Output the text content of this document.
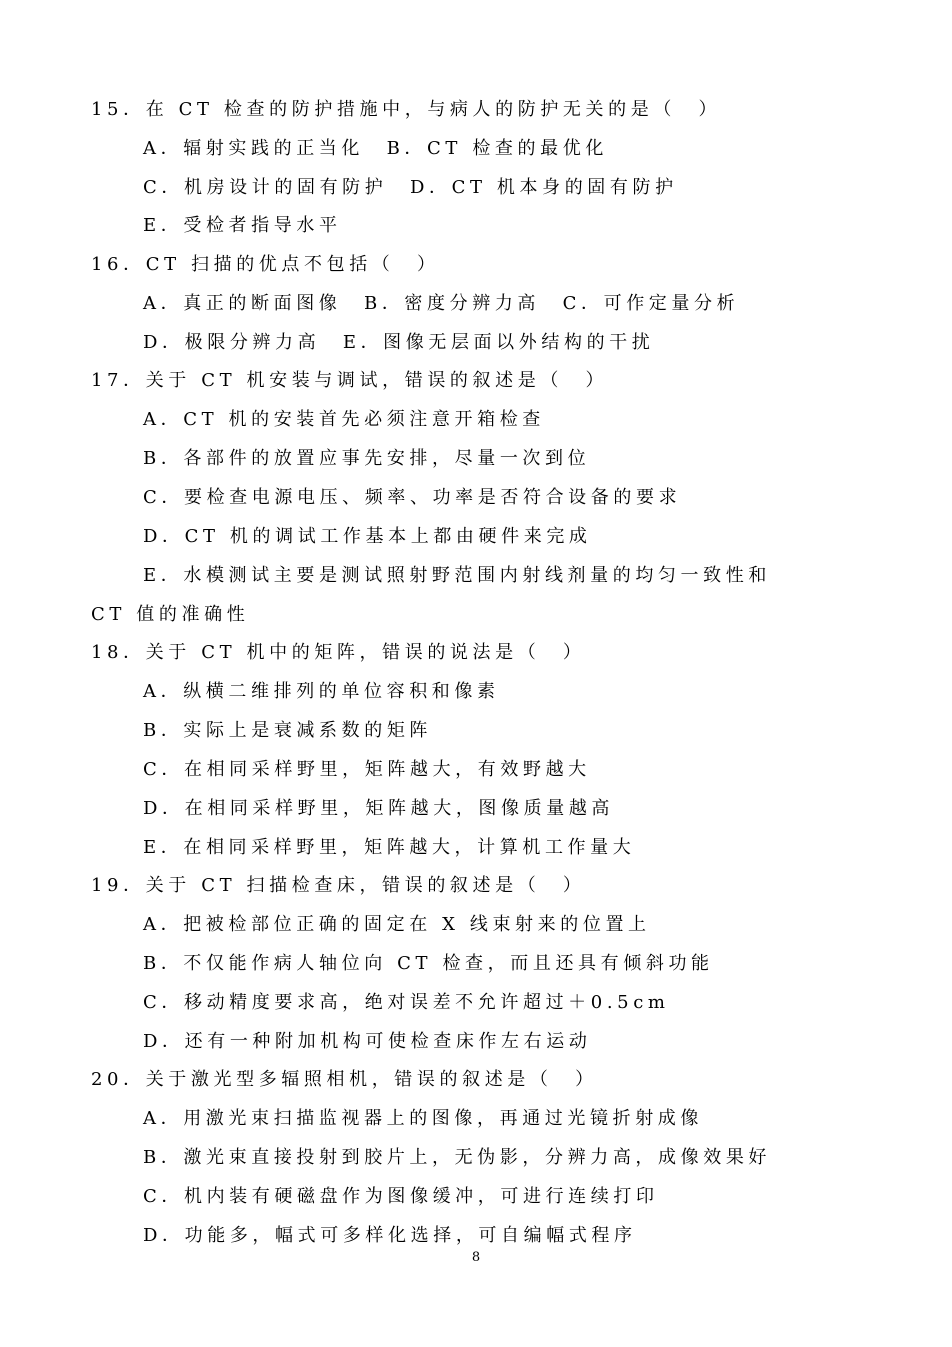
15．在 CT 检查的防护措施中，与病人的防护无关的是（　）
A．辐射实践的正当化　B．CT 检查的最优化
C．机房设计的固有防护　D．CT 机本身的固有防护
E．受检者指导水平
16．CT 扫描的优点不包括（　）
A．真正的断面图像　B．密度分辨力高　C．可作定量分析
D．极限分辨力高　E．图像无层面以外结构的干扰
17．关于 CT 机安装与调试，错误的叙述是（　）
A．CT 机的安装首先必须注意开箱检查
B．各部件的放置应事先安排，尽量一次到位
C．要检查电源电压、频率、功率是否符合设备的要求
D．CT 机的调试工作基本上都由硬件来完成
E．水模测试主要是测试照射野范围内射线剂量的均匀一致性和
CT 值的准确性
18．关于 CT 机中的矩阵，错误的说法是（　）
A．纵横二维排列的单位容积和像素
B．实际上是衰减系数的矩阵
C．在相同采样野里，矩阵越大，有效野越大
D．在相同采样野里，矩阵越大，图像质量越高
E．在相同采样野里，矩阵越大，计算机工作量大
19．关于 CT 扫描检查床，错误的叙述是（　）
A．把被检部位正确的固定在 X 线束射来的位置上
B．不仅能作病人轴位向 CT 检查，而且还具有倾斜功能
C．移动精度要求高，绝对误差不允许超过＋0.5cm
D．还有一种附加机构可使检查床作左右运动
20．关于激光型多辐照相机，错误的叙述是（　）
A．用激光束扫描监视器上的图像，再通过光镜折射成像
B．激光束直接投射到胶片上，无伪影，分辨力高，成像效果好
C．机内装有硬磁盘作为图像缓冲，可进行连续打印
D．功能多，幅式可多样化选择，可自编幅式程序
8
